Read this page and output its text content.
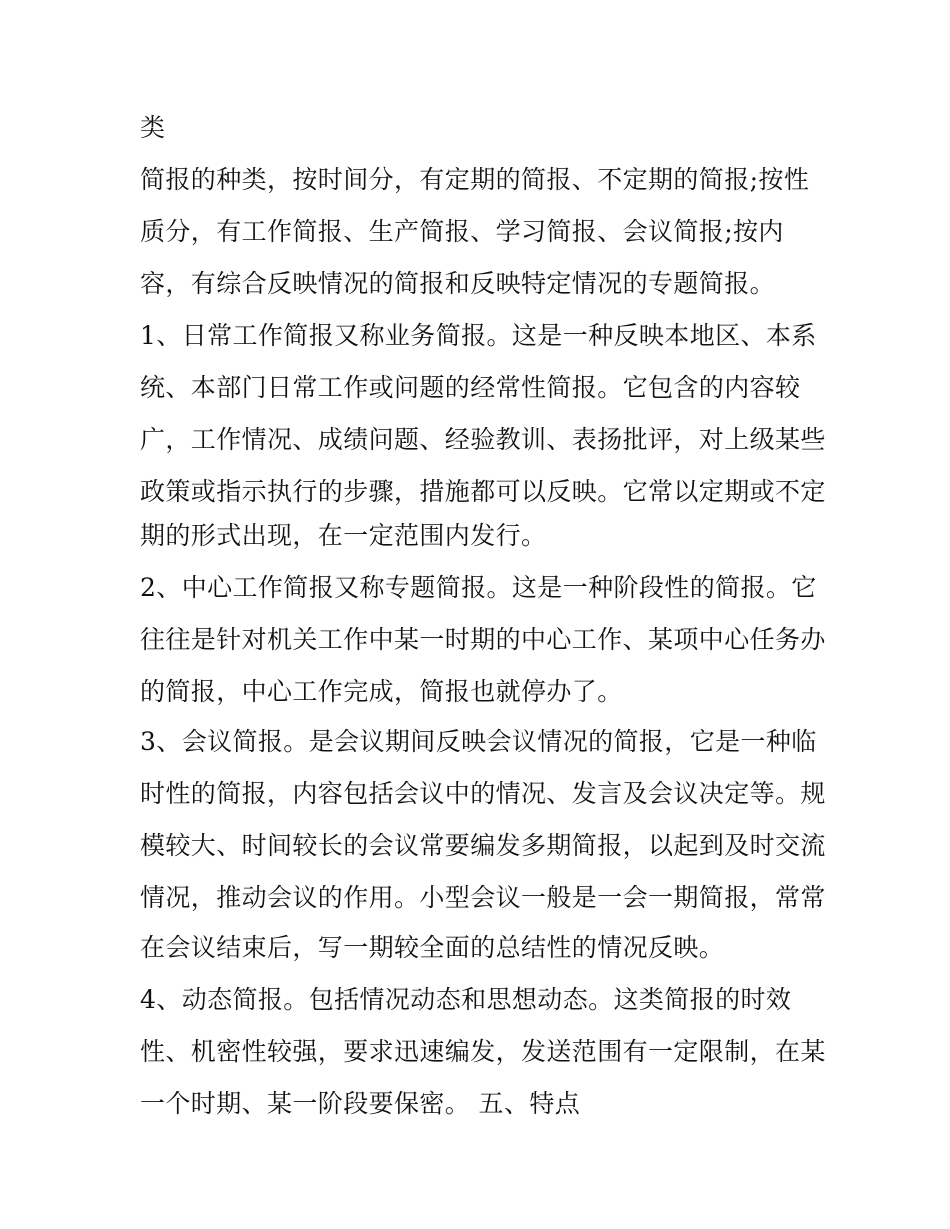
类
简报的种类，按时间分，有定期的简报、不定期的简报;按性
质分，有工作简报、生产简报、学习简报、会议简报;按内
容，有综合反映情况的简报和反映特定情况的专题简报。
1、日常工作简报又称业务简报。这是一种反映本地区、本系
统、本部门日常工作或问题的经常性简报。它包含的内容较
广，工作情况、成绩问题、经验教训、表扬批评，对上级某些
政策或指示执行的步骤，措施都可以反映。它常以定期或不定
期的形式出现，在一定范围内发行。
2、中心工作简报又称专题简报。这是一种阶段性的简报。它
往往是针对机关工作中某一时期的中心工作、某项中心任务办
的简报，中心工作完成，简报也就停办了。
3、会议简报。是会议期间反映会议情况的简报，它是一种临
时性的简报，内容包括会议中的情况、发言及会议决定等。规
模较大、时间较长的会议常要编发多期简报，以起到及时交流
情况，推动会议的作用。小型会议一般是一会一期简报，常常
在会议结束后，写一期较全面的总结性的情况反映。
4、动态简报。包括情况动态和思想动态。这类简报的时效
性、机密性较强，要求迅速编发，发送范围有一定限制，在某
一个时期、某一阶段要保密。 五、特点
